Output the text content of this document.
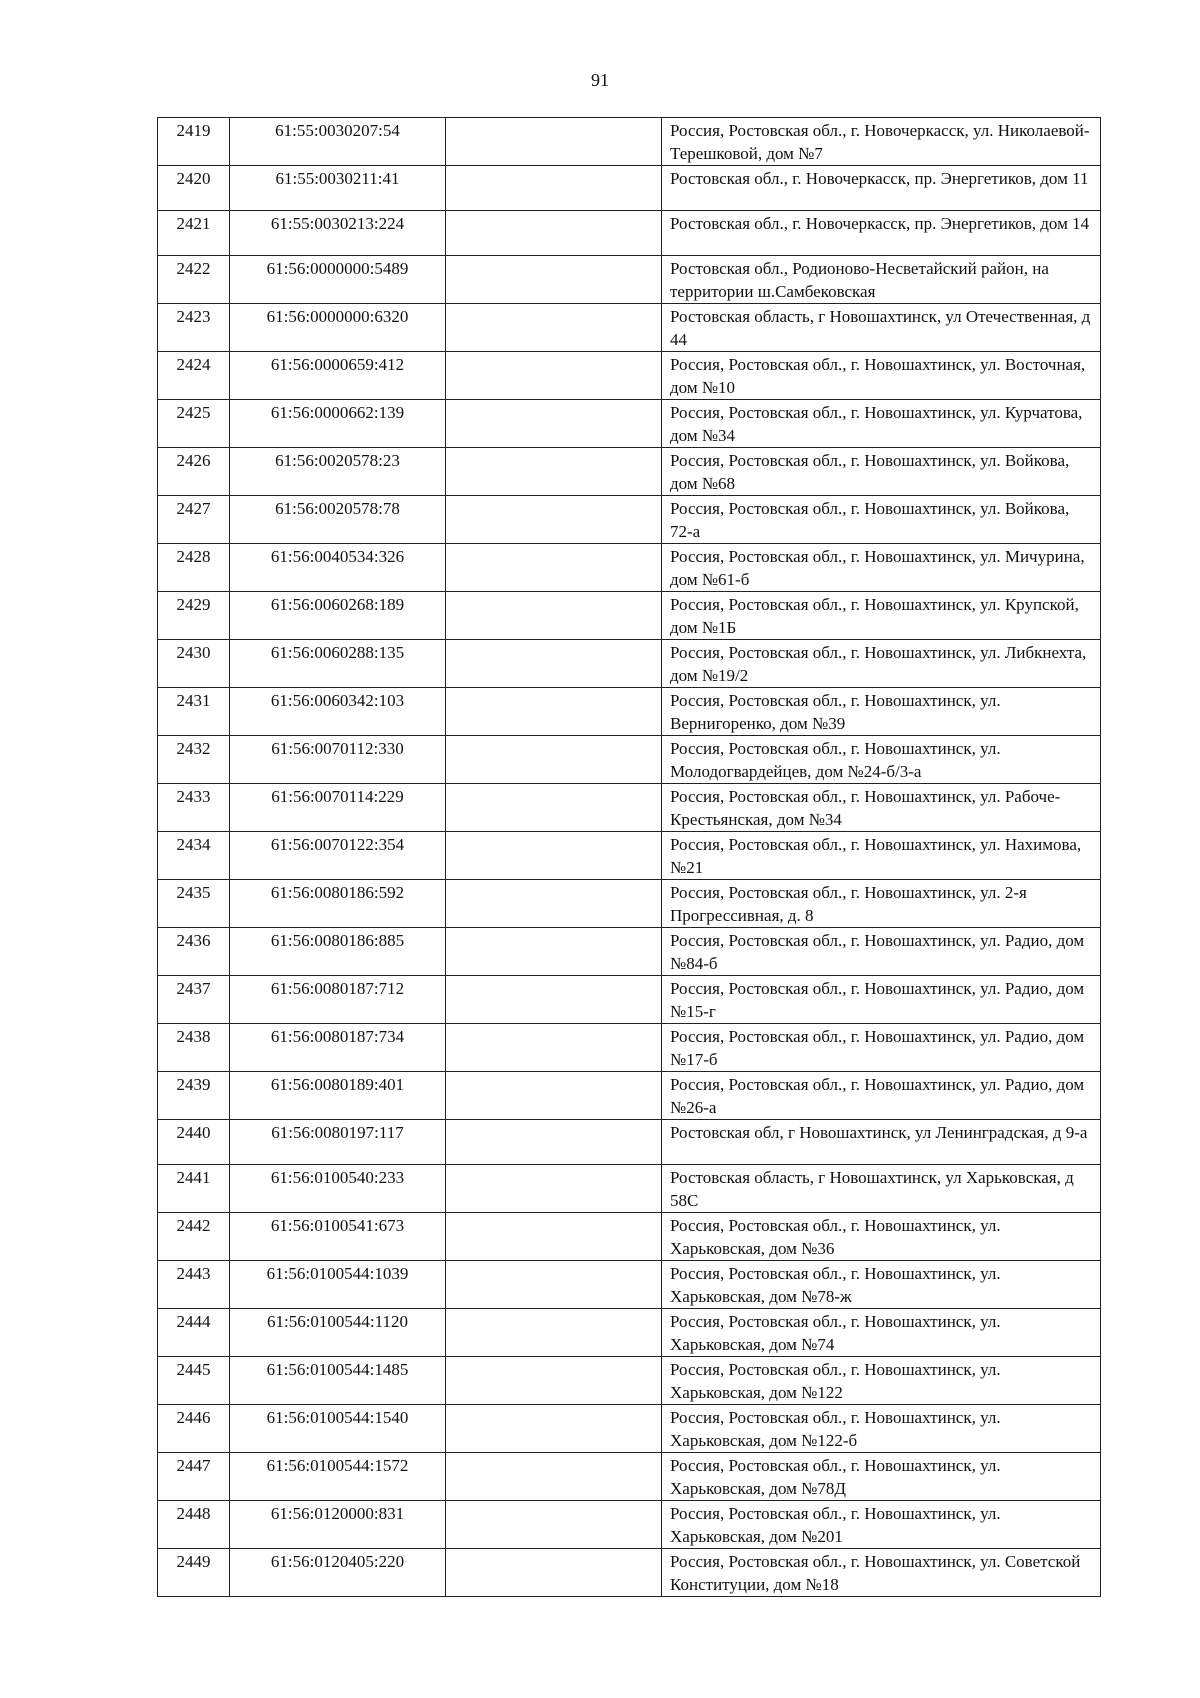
91
2419	61:55:0030207:54		Россия, Ростовская обл., г. Новочеркасск, ул. Николаевой-Терешковой, дом №7
2420	61:55:0030211:41		Ростовская обл., г. Новочеркасск, пр. Энергетиков, дом 11
2421	61:55:0030213:224		Ростовская обл., г. Новочеркасск, пр. Энергетиков, дом 14
2422	61:56:0000000:5489		Ростовская обл., Родионово-Несветайский район, на территории ш.Самбековская
2423	61:56:0000000:6320		Ростовская область, г Новошахтинск, ул Отечественная, д 44
2424	61:56:0000659:412		Россия, Ростовская обл., г. Новошахтинск, ул. Восточная, дом №10
2425	61:56:0000662:139		Россия, Ростовская обл., г. Новошахтинск, ул. Курчатова, дом №34
2426	61:56:0020578:23		Россия, Ростовская обл., г. Новошахтинск, ул. Войкова, дом №68
2427	61:56:0020578:78		Россия, Ростовская обл., г. Новошахтинск, ул. Войкова, 72-а
2428	61:56:0040534:326		Россия, Ростовская обл., г. Новошахтинск, ул. Мичурина, дом №61-б
2429	61:56:0060268:189		Россия, Ростовская обл., г. Новошахтинск, ул. Крупской, дом №1Б
2430	61:56:0060288:135		Россия, Ростовская обл., г. Новошахтинск, ул. Либкнехта, дом №19/2
2431	61:56:0060342:103		Россия, Ростовская обл., г. Новошахтинск, ул. Вернигоренко, дом №39
2432	61:56:0070112:330		Россия, Ростовская обл., г. Новошахтинск, ул. Молодогвардейцев, дом №24-б/3-а
2433	61:56:0070114:229		Россия, Ростовская обл., г. Новошахтинск, ул. Рабоче-Крестьянская, дом №34
2434	61:56:0070122:354		Россия, Ростовская обл., г. Новошахтинск, ул. Нахимова, №21
2435	61:56:0080186:592		Россия, Ростовская обл., г. Новошахтинск, ул. 2-я Прогрессивная, д. 8
2436	61:56:0080186:885		Россия, Ростовская обл., г. Новошахтинск, ул. Радио, дом №84-б
2437	61:56:0080187:712		Россия, Ростовская обл., г. Новошахтинск, ул. Радио, дом №15-г
2438	61:56:0080187:734		Россия, Ростовская обл., г. Новошахтинск, ул. Радио, дом №17-б
2439	61:56:0080189:401		Россия, Ростовская обл., г. Новошахтинск, ул. Радио, дом №26-а
2440	61:56:0080197:117		Ростовская обл, г Новошахтинск, ул Ленинградская, д 9-а
2441	61:56:0100540:233		Ростовская область, г Новошахтинск, ул Харьковская, д 58С
2442	61:56:0100541:673		Россия, Ростовская обл., г. Новошахтинск, ул. Харьковская, дом №36
2443	61:56:0100544:1039		Россия, Ростовская обл., г. Новошахтинск, ул. Харьковская, дом №78-ж
2444	61:56:0100544:1120		Россия, Ростовская обл., г. Новошахтинск, ул. Харьковская, дом №74
2445	61:56:0100544:1485		Россия, Ростовская обл., г. Новошахтинск, ул. Харьковская, дом №122
2446	61:56:0100544:1540		Россия, Ростовская обл., г. Новошахтинск, ул. Харьковская, дом №122-б
2447	61:56:0100544:1572		Россия, Ростовская обл., г. Новошахтинск, ул. Харьковская, дом №78Д
2448	61:56:0120000:831		Россия, Ростовская обл., г. Новошахтинск, ул. Харьковская, дом №201
2449	61:56:0120405:220		Россия, Ростовская обл., г. Новошахтинск, ул. Советской Конституции, дом №18
